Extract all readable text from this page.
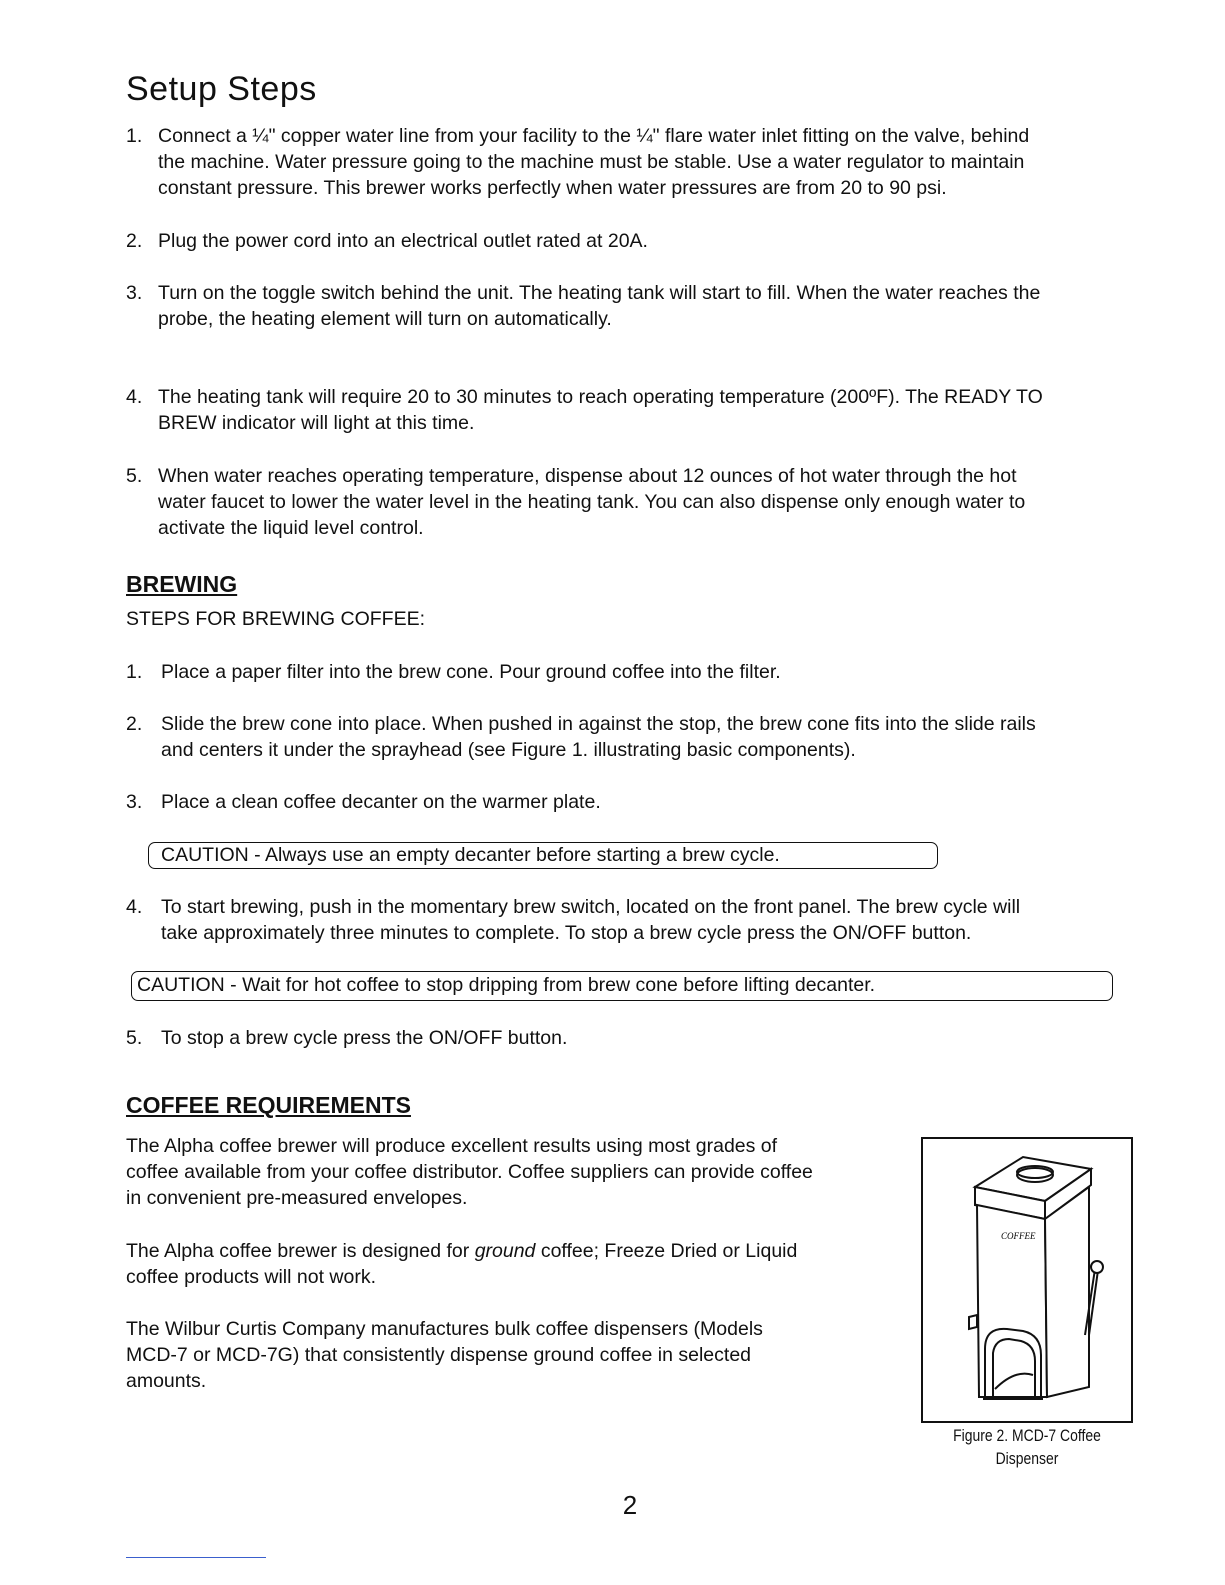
Setup Steps
1. Connect a ¼" copper water line from your facility to the ¼" flare water inlet fitting on the valve, behind
the machine. Water pressure going to the machine must be stable. Use a water regulator to maintain
constant pressure. This brewer works perfectly when water pressures are from 20 to 90 psi.
2. Plug the power cord into an electrical outlet rated at 20A.
3. Turn on the toggle switch behind the unit. The heating tank will start to fill. When the water reaches the
probe, the heating element will turn on automatically.
4. The heating tank will require 20 to 30 minutes to reach operating temperature (200ºF). The READY TO
BREW indicator will light at this time.
5. When water reaches operating temperature, dispense about 12 ounces of hot water through the hot
water faucet to lower the water level in the heating tank. You can also dispense only enough water to
activate the liquid level control.
BREWING
STEPS FOR BREWING COFFEE:
1. Place a paper filter into the brew cone. Pour ground coffee into the filter.
2. Slide the brew cone into place. When pushed in against the stop, the brew cone fits into the slide rails
and centers it under the sprayhead (see Figure 1. illustrating basic components).
3. Place a clean coffee decanter on the warmer plate.
CAUTION - Always use an empty decanter before starting a brew cycle.
4. To start brewing, push in the momentary brew switch, located on the front panel. The brew cycle will
take approximately three minutes to complete. To stop a brew cycle press the ON/OFF button.
CAUTION - Wait for hot coffee to stop dripping from brew cone before lifting decanter.
5. To stop a brew cycle press the ON/OFF button.
COFFEE REQUIREMENTS
The Alpha coffee brewer will produce excellent results using most grades of
coffee available from your coffee distributor. Coffee suppliers can provide coffee
in convenient pre-measured envelopes.
The Alpha coffee brewer is designed for ground coffee; Freeze Dried or Liquid
coffee products will not work.
The Wilbur Curtis Company manufactures bulk coffee dispensers (Models
MCD-7 or MCD-7G) that consistently dispense ground coffee in selected
amounts.
COFFEE
Figure 2. MCD-7 Coffee
Dispenser
2
